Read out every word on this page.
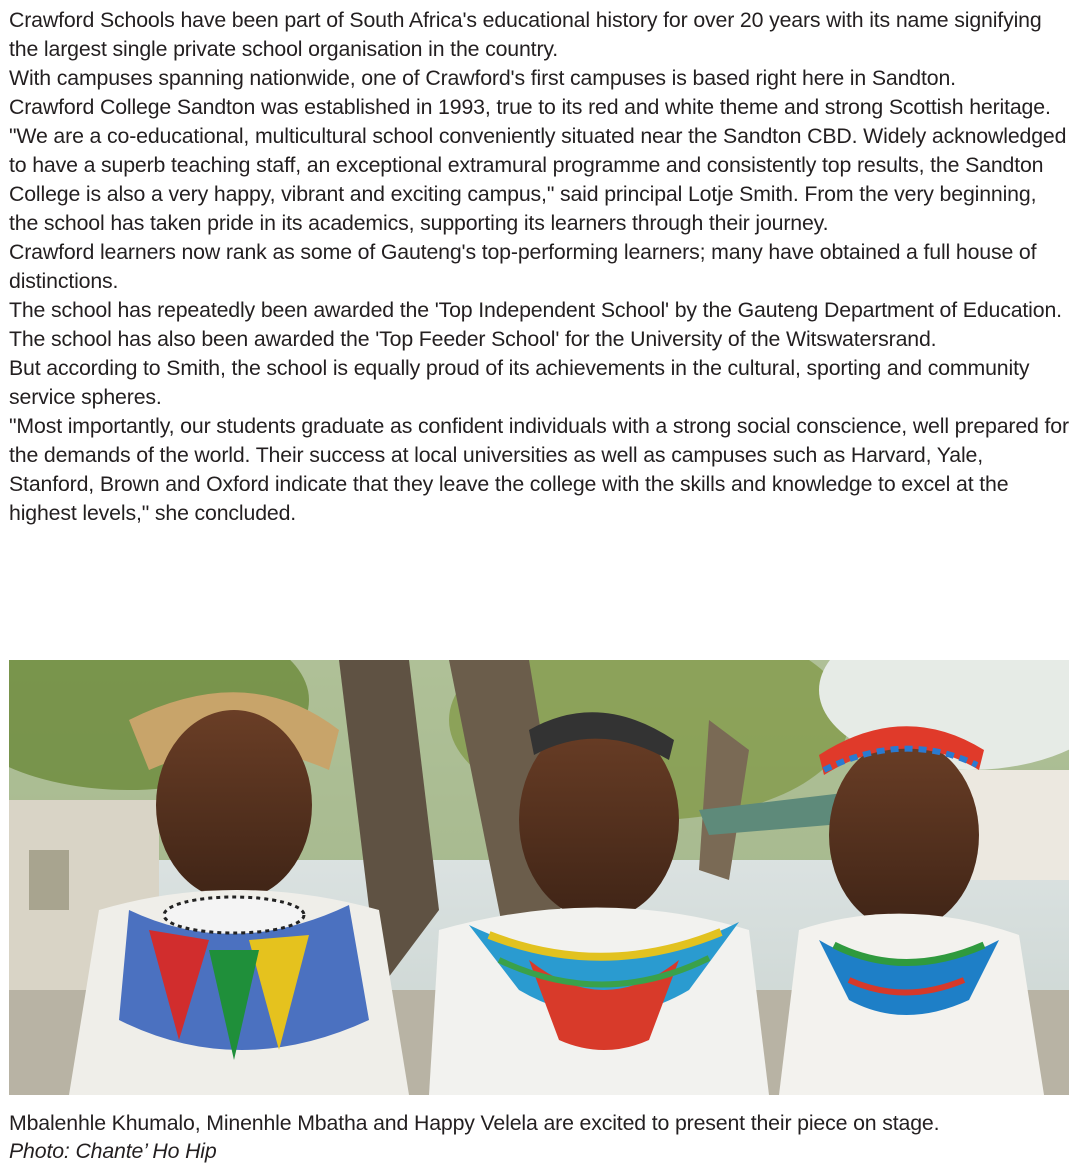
Crawford Schools have been part of South Africa's educational history for over 20 years with its name signifying the largest single private school organisation in the country.

With campuses spanning nationwide, one of Crawford's first campuses is based right here in Sandton.

Crawford College Sandton was established in 1993, true to its red and white theme and strong Scottish heritage.

"We are a co-educational, multicultural school conveniently situated near the Sandton CBD. Widely acknowledged to have a superb teaching staff, an exceptional extramural programme and consistently top results, the Sandton College is also a very happy, vibrant and exciting campus," said principal Lotje Smith. From the very beginning, the school has taken pride in its academics, supporting its learners through their journey.

Crawford learners now rank as some of Gauteng's top-performing learners; many have obtained a full house of distinctions.

The school has repeatedly been awarded the 'Top Independent School' by the Gauteng Department of Education.

The school has also been awarded the 'Top Feeder School' for the University of the Witswatersrand.

But according to Smith, the school is equally proud of its achievements in the cultural, sporting and community service spheres.

"Most importantly, our students graduate as confident individuals with a strong social conscience, well prepared for the demands of the world. Their success at local universities as well as campuses such as Harvard, Yale, Stanford, Brown and Oxford indicate that they leave the college with the skills and knowledge to excel at the highest levels," she concluded.

Mbalenhle Khumalo, Minenhle Mbatha and Happy Velela are excited to present their piece on stage.
Photo: Chante’ Ho Hip
